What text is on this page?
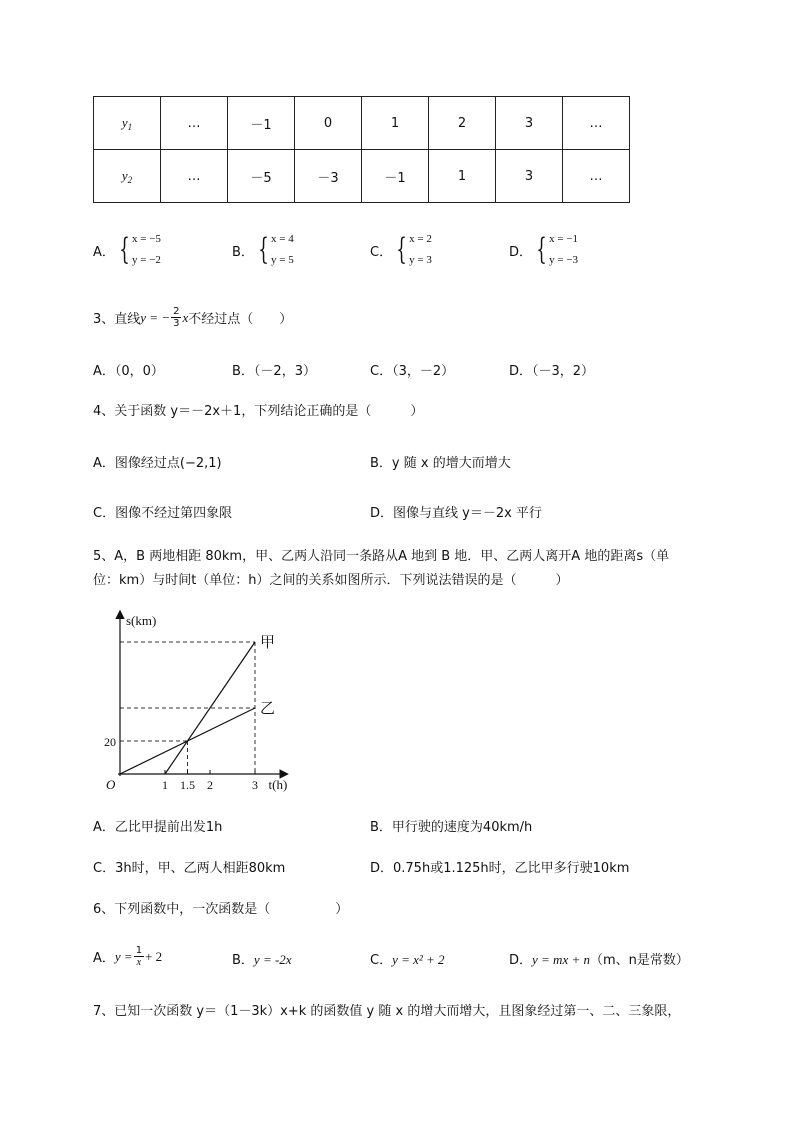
$y_1$	…	－1	0	1	2	3	…
$y_2$	…	－5	－3	－1	1	3	…
A． { x = −5
y = −2
B． { x = 4
y = 5
C． { x = 2
y = 3
D． { x = −1
y = −3
3、直线 y = − $\frac{2}{3}$ x 不经过点（　　）
A．（0，0）	B．（－2，3）	C．（3，－2）	D．（－3，2）
4、关于函数 y＝－2x＋1，下列结论正确的是（　　　）
A．图像经过点(−2,1)	B．y 随 x 的增大而增大
C．图像不经过第四象限	D．图像与直线 y＝－2x 平行
5、A，B 两地相距 80km，甲、乙两人沿同一条路从A 地到 B 地．甲、乙两人离开A 地的距离s（单
位：km）与时间t（单位：h）之间的关系如图所示．下列说法错误的是（　　　）
甲
乙
1 1.5 2	3
20
s(km)
t(h)
O
A．乙比甲提前出发1h	B．甲行驶的速度为40km/h
C．3h时，甲、乙两人相距80km	D．0.75h或1.125h时，乙比甲多行驶10km
6、下列函数中，一次函数是（　　　　　）
A． $y = \frac{1}{x} + 2$	B．y = -2x	C．y = x² + 2	D．y = mx + n（m、n是常数）
7、已知一次函数 y＝（1－3k）x+k 的函数值 y 随 x 的增大而增大，且图象经过第一、二、三象限，
